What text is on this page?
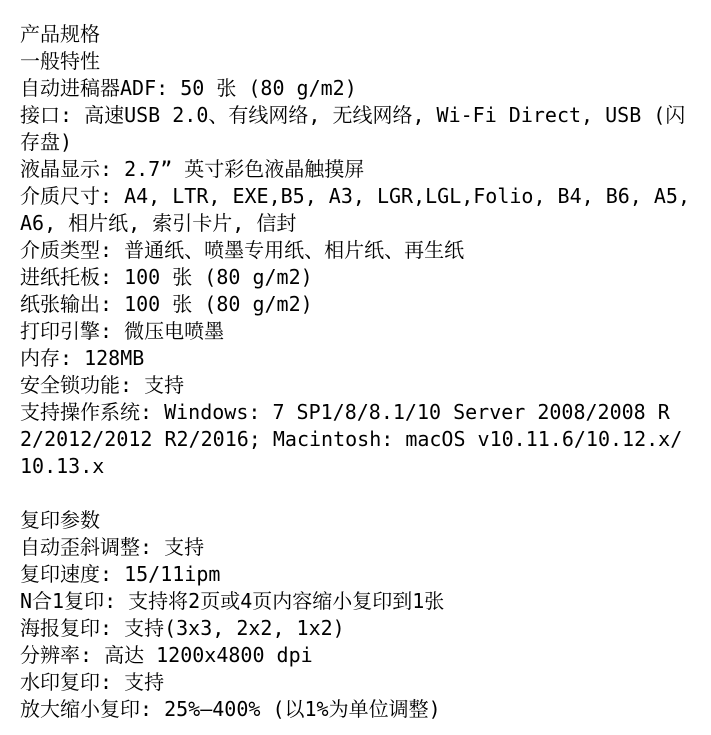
产品规格
一般特性
自动进稿器ADF: 50 张 (80 g/m2)
接口: 高速USB 2.0、有线网络, 无线网络, Wi-Fi Direct, USB (闪存盘)
液晶显示: 2.7” 英寸彩色液晶触摸屏
介质尺寸: A4, LTR, EXE,B5, A3, LGR,LGL,Folio, B4, B6, A5, A6, 相片纸, 索引卡片, 信封
介质类型: 普通纸、喷墨专用纸、相片纸、再生纸
进纸托板: 100 张 (80 g/m2)
纸张输出: 100 张 (80 g/m2)
打印引擎: 微压电喷墨
内存: 128MB
安全锁功能: 支持
支持操作系统: Windows: 7 SP1/8/8.1/10 Server 2008/2008 R2/2012/2012 R2/2016; Macintosh: macOS v10.11.6/10.12.x/10.13.x
复印参数
自动歪斜调整: 支持
复印速度: 15/11ipm
N合1复印: 支持将2页或4页内容缩小复印到1张
海报复印: 支持(3x3, 2x2, 1x2)
分辨率: 高达 1200x4800 dpi
水印复印: 支持
放大缩小复印: 25%—400% (以1%为单位调整)
